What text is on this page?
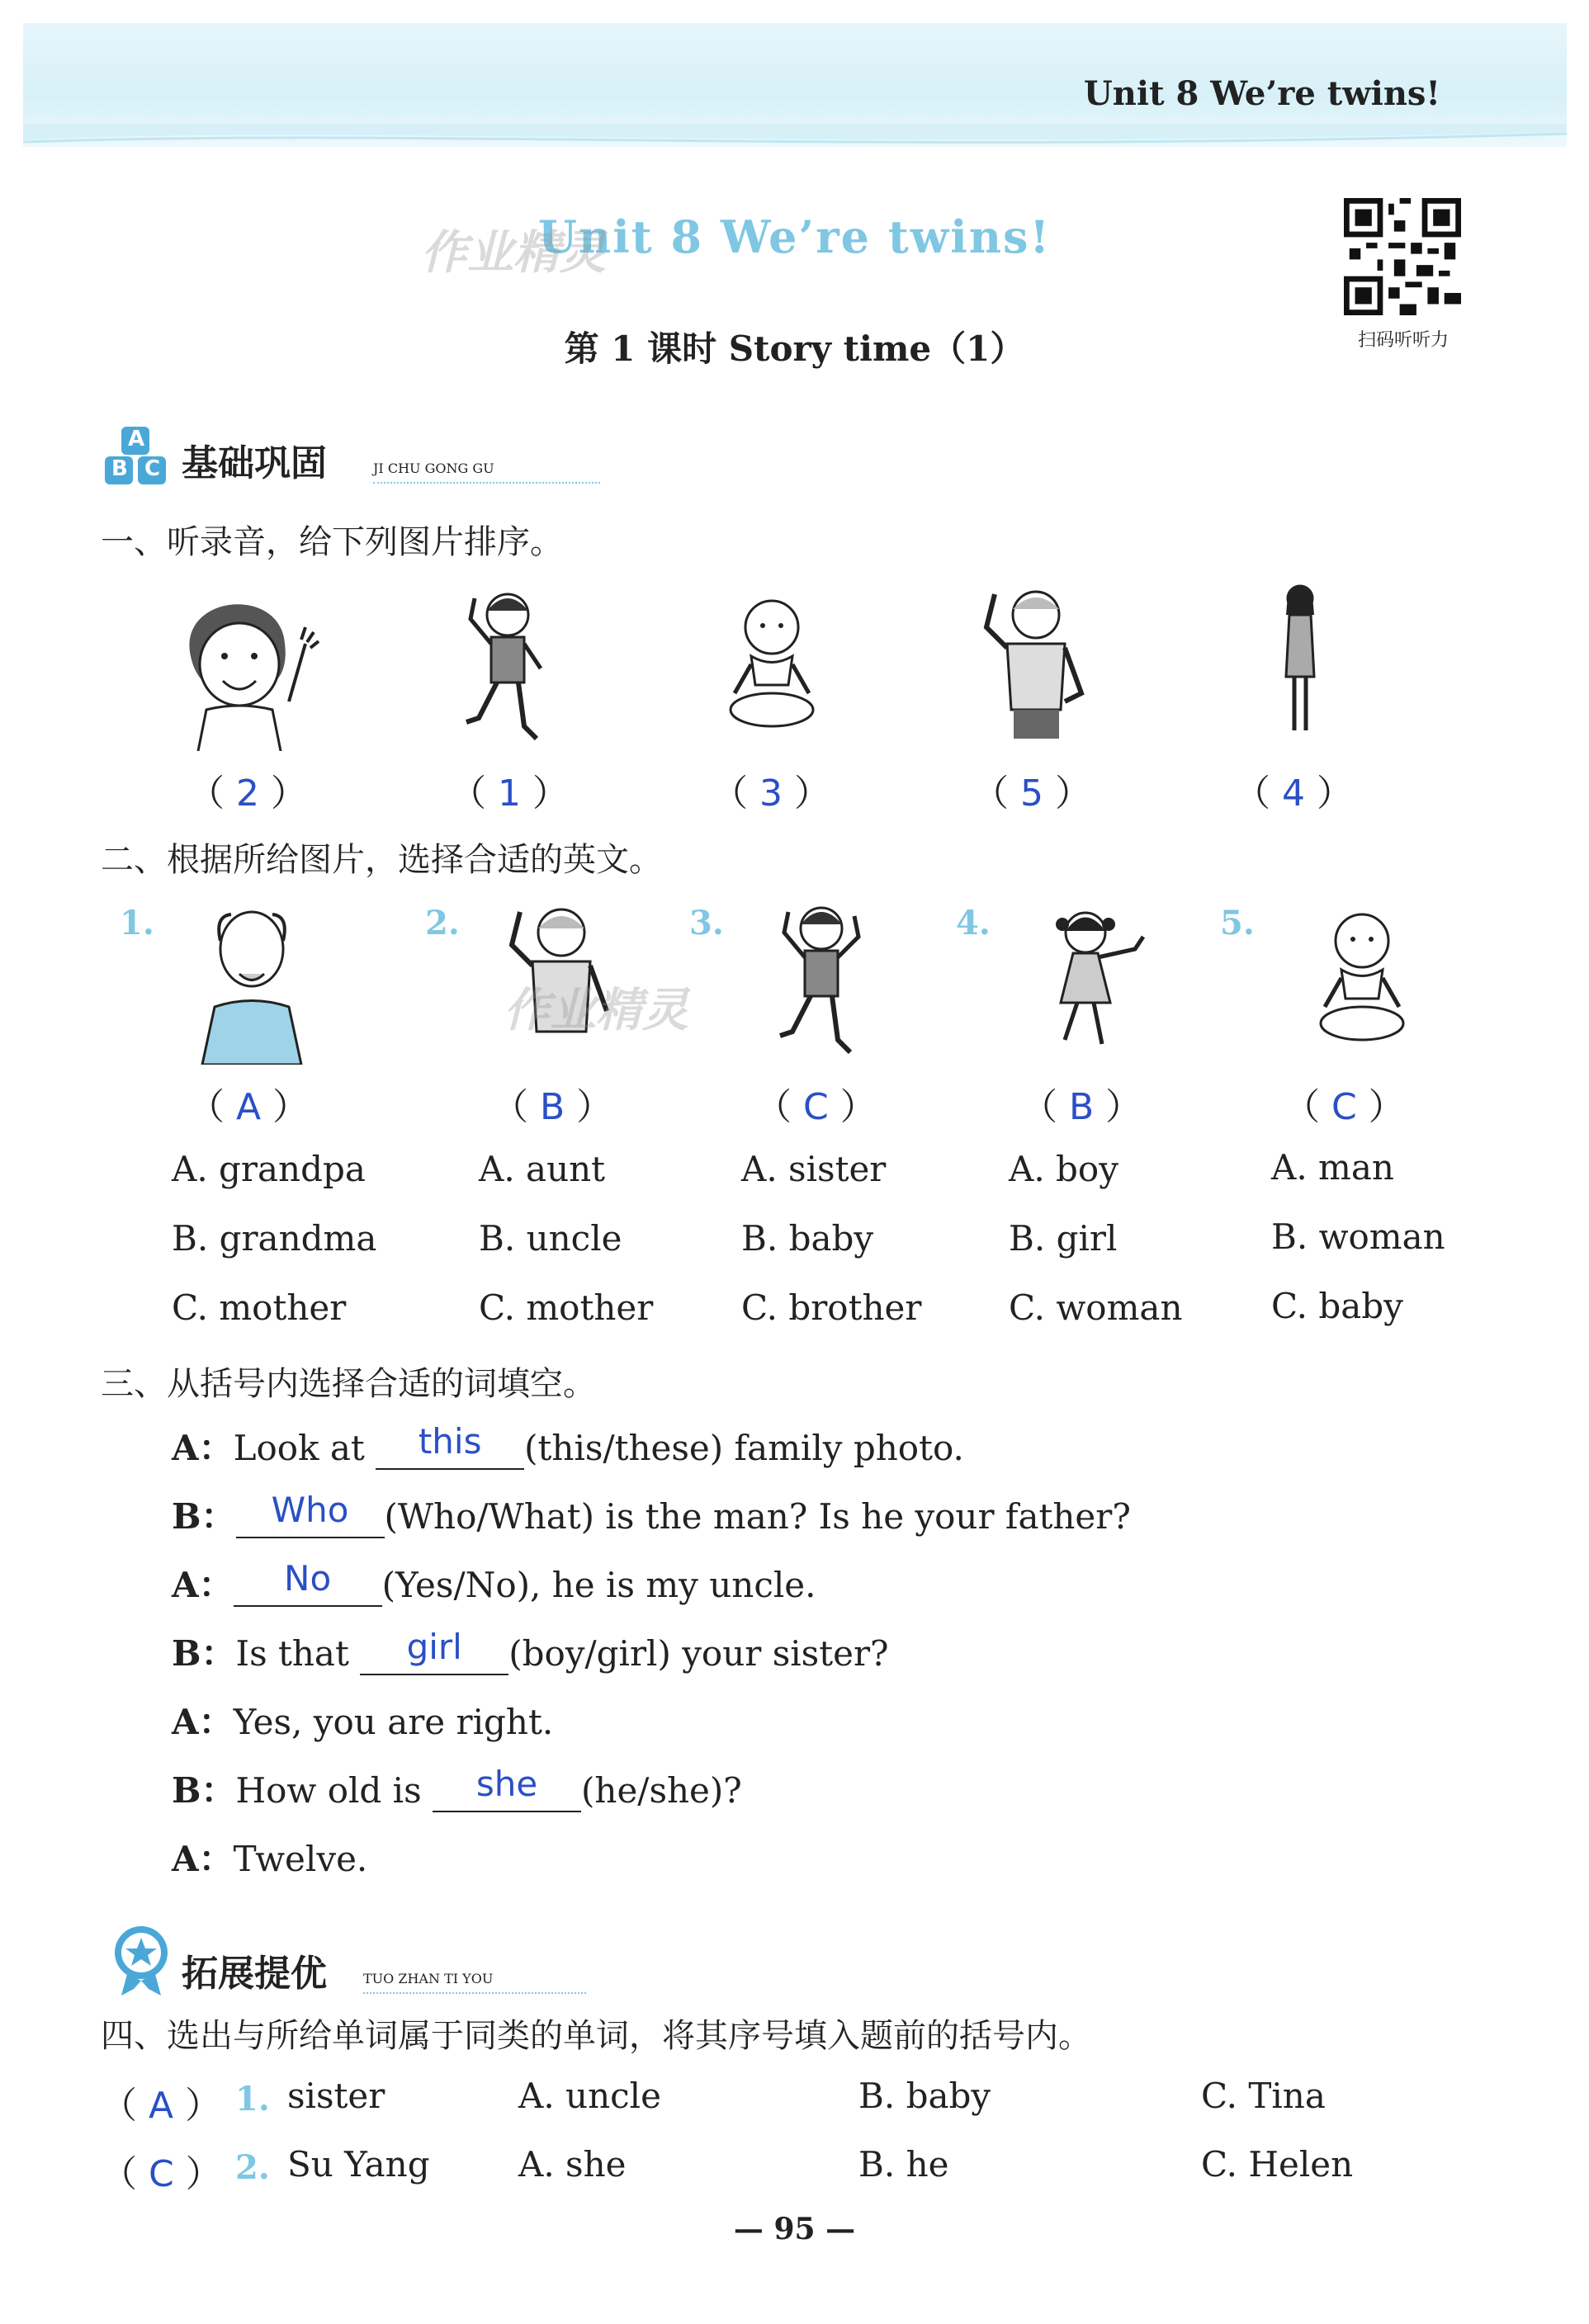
Unit 8 We’re twins!
Unit 8 We’re twins!
作业精灵
第 1 课时 Story time（1）	扫码听听力
A
B C 基础巩固	JI CHU GONG GU
一、听录音，给下列图片排序。
（ 2 ）	（ 1 ）	（ 3 ）	（ 5 ）	（ 4 ）
二、根据所给图片，选择合适的英文。
1.	2.	3.	4.	5.
作业精灵
（ A ）	（ B ）	（ C ）	（ B ）	（ C ）
A. grandpa
B. grandma
C. mother
A. aunt
B. uncle
C. mother
A. sister
B. baby
C. brother
A. boy
B. girl
C. woman
A. man
B. woman
C. baby
三、从括号内选择合适的词填空。
A：Look at this (this/these) family photo.
B： Who (Who/What) is the man? Is he your father?
A： No (Yes/No), he is my uncle.
B：Is that girl (boy/girl) your sister?
A：Yes, you are right.
B：How old is she (he/she)?
A：Twelve.
拓展提优	TUO ZHAN TI YOU
四、选出与所给单词属于同类的单词，将其序号填入题前的括号内。
（ A ） 1. sister	A. uncle	B. baby	C. Tina
（ C ） 2. Su Yang	A. she	B. he	C. Helen
— 95 —
